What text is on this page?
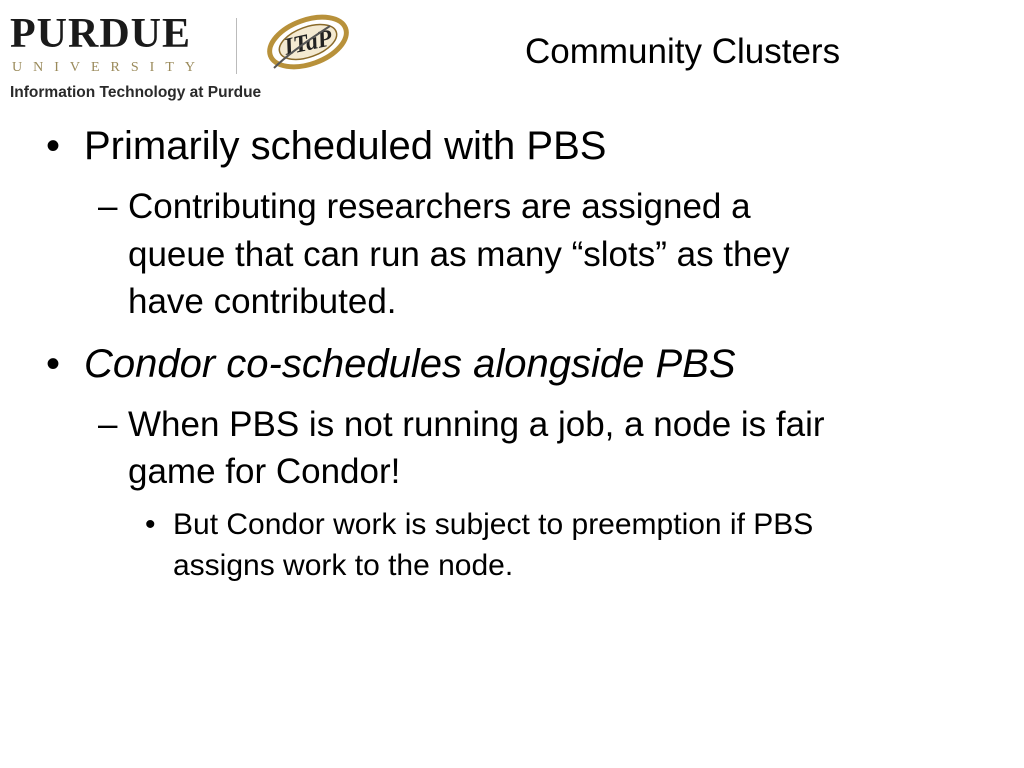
PURDUE
UNIVERSITY
Information Technology at Purdue
ITaP	Community Clusters
• Primarily scheduled with PBS
– Contributing researchers are assigned a
queue that can run as many “slots” as they
have contributed.
• Condor co-schedules alongside PBS
– When PBS is not running a job, a node is fair
game for Condor!
• But Condor work is subject to preemption if PBS
assigns work to the node.
